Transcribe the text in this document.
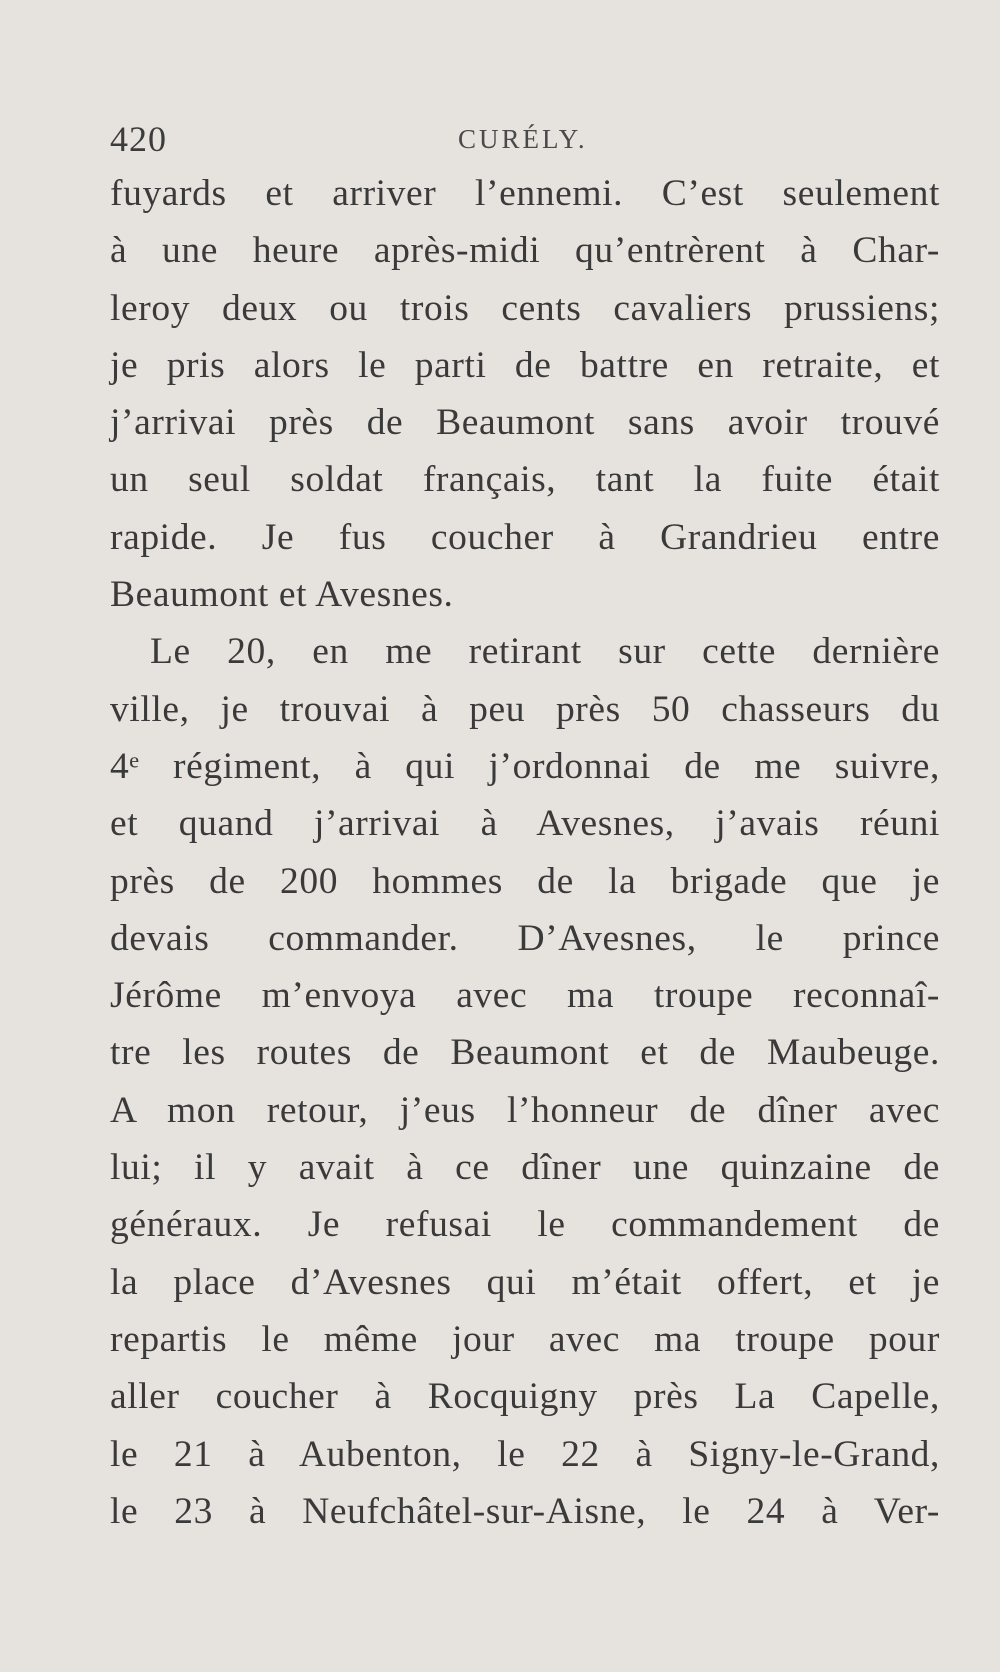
420	CURÉLY.
fuyards et arriver l’ennemi. C’est seulement
à une heure après-midi qu’entrèrent à Char-
leroy deux ou trois cents cavaliers prussiens;
je pris alors le parti de battre en retraite, et
j’arrivai près de Beaumont sans avoir trouvé
un seul soldat français, tant la fuite était
rapide. Je fus coucher à Grandrieu entre
Beaumont et Avesnes.
Le 20, en me retirant sur cette dernière
ville, je trouvai à peu près 50 chasseurs du
4ᵉ régiment, à qui j’ordonnai de me suivre,
et quand j’arrivai à Avesnes, j’avais réuni
près de 200 hommes de la brigade que je
devais commander. D’Avesnes, le prince
Jérôme m’envoya avec ma troupe reconnaî-
tre les routes de Beaumont et de Maubeuge.
A mon retour, j’eus l’honneur de dîner avec
lui; il y avait à ce dîner une quinzaine de
généraux. Je refusai le commandement de
la place d’Avesnes qui m’était offert, et je
repartis le même jour avec ma troupe pour
aller coucher à Rocquigny près La Capelle,
le 21 à Aubenton, le 22 à Signy-le-Grand,
le 23 à Neufchâtel-sur-Aisne, le 24 à Ver-
